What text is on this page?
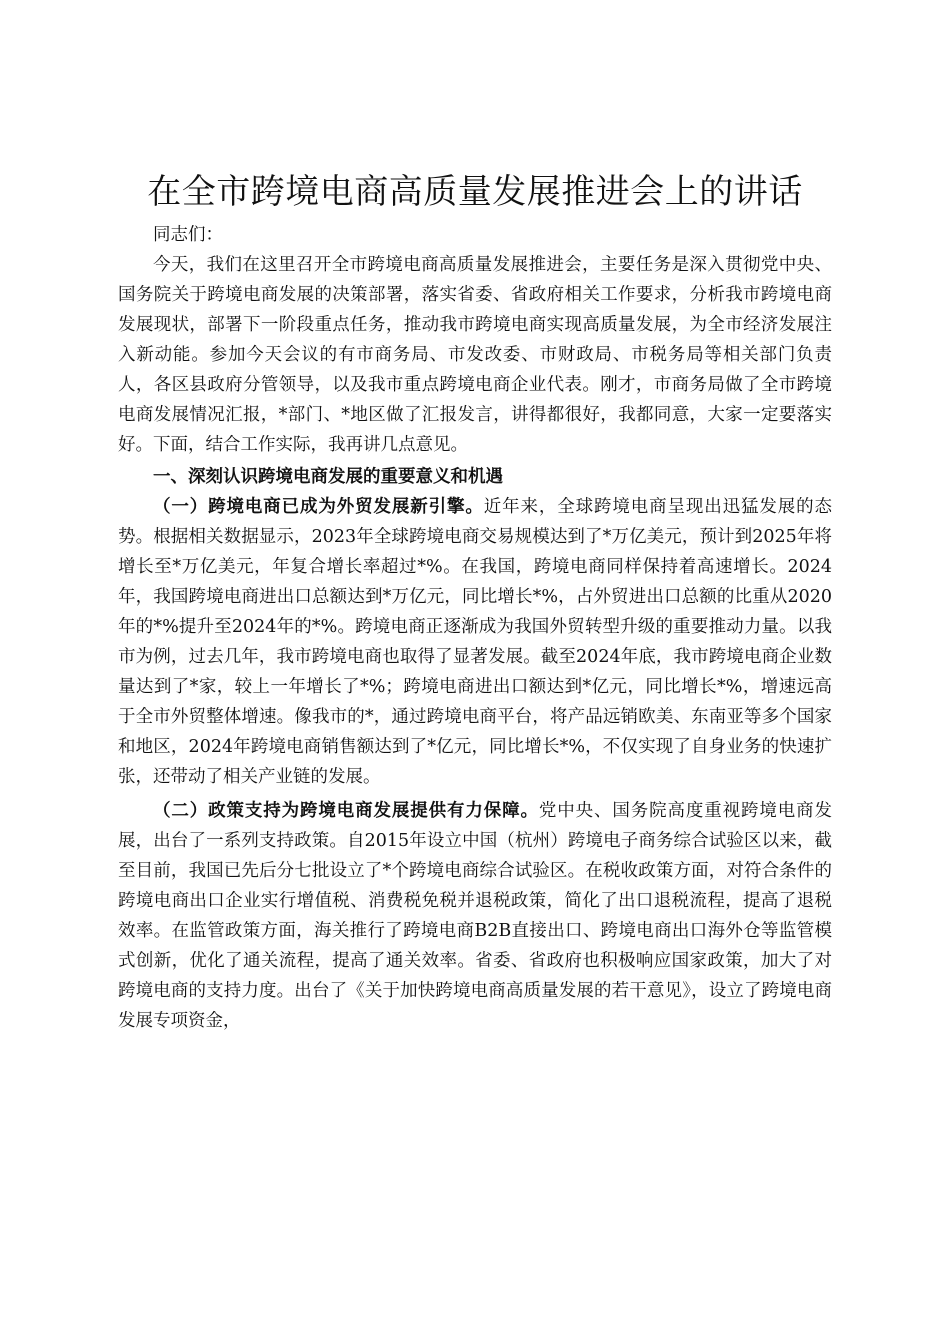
在全市跨境电商高质量发展推进会上的讲话

同志们：

今天，我们在这里召开全市跨境电商高质量发展推进会，主要任务是深入贯彻党中央、国务院关于跨境电商发展的决策部署，落实省委、省政府相关工作要求，分析我市跨境电商发展现状，部署下一阶段重点任务，推动我市跨境电商实现高质量发展，为全市经济发展注入新动能。参加今天会议的有市商务局、市发改委、市财政局、市税务局等相关部门负责人，各区县政府分管领导，以及我市重点跨境电商企业代表。刚才，市商务局做了全市跨境电商发展情况汇报，*部门、*地区做了汇报发言，讲得都很好，我都同意，大家一定要落实好。下面，结合工作实际，我再讲几点意见。

一、深刻认识跨境电商发展的重要意义和机遇

（一）跨境电商已成为外贸发展新引擎。近年来，全球跨境电商呈现出迅猛发展的态势。根据相关数据显示，2023年全球跨境电商交易规模达到了*万亿美元，预计到2025年将增长至*万亿美元，年复合增长率超过*%。在我国，跨境电商同样保持着高速增长。2024年，我国跨境电商进出口总额达到*万亿元，同比增长*%，占外贸进出口总额的比重从2020年的*%提升至2024年的*%。跨境电商正逐渐成为我国外贸转型升级的重要推动力量。以我市为例，过去几年，我市跨境电商也取得了显著发展。截至2024年底，我市跨境电商企业数量达到了*家，较上一年增长了*%；跨境电商进出口额达到*亿元，同比增长*%，增速远高于全市外贸整体增速。像我市的*，通过跨境电商平台，将产品远销欧美、东南亚等多个国家和地区，2024年跨境电商销售额达到了*亿元，同比增长*%，不仅实现了自身业务的快速扩张，还带动了相关产业链的发展。

（二）政策支持为跨境电商发展提供有力保障。党中央、国务院高度重视跨境电商发展，出台了一系列支持政策。自2015年设立中国（杭州）跨境电子商务综合试验区以来，截至目前，我国已先后分七批设立了*个跨境电商综合试验区。在税收政策方面，对符合条件的跨境电商出口企业实行增值税、消费税免税并退税政策，简化了出口退税流程，提高了退税效率。在监管政策方面，海关推行了跨境电商B2B直接出口、跨境电商出口海外仓等监管模式创新，优化了通关流程，提高了通关效率。省委、省政府也积极响应国家政策，加大了对跨境电商的支持力度。出台了《关于加快跨境电商高质量发展的若干意见》，设立了跨境电商发展专项资金，
